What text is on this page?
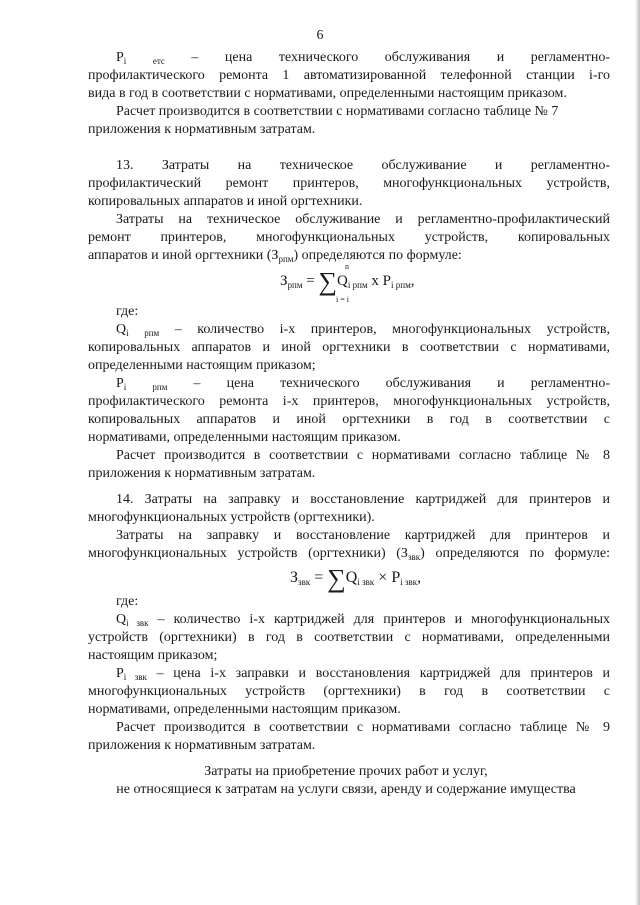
6
$Р_i$	$_{етс}$ – цена технического обслуживания и регламентно-
профилактического ремонта 1 автоматизированной телефонной станции i-го
вида в год в соответствии с нормативами, определенными настоящим приказом.
Расчет производится в соответствии с нормативами согласно таблице № 7
приложения к нормативным затратам.
13. Затраты на техническое обслуживание и регламентно-
профилактический ремонт принтеров, многофункциональных устройств,
копировальных аппаратов и иной оргтехники.
Затраты на техническое обслуживание и регламентно-профилактический
ремонт принтеров, многофункциональных устройств, копировальных
аппаратов и иной оргтехники $(З_{рпм})$ определяются по формуле:
$З_{рпм} = \sum Q_{i рпм}$ x $Р_{i рпм}$,
n
i = i
где:
$Q_i$ $_{рпм}$ – количество i-х принтеров, многофункциональных устройств,
копировальных аппаратов и иной оргтехники в соответствии с нормативами,
определенными настоящим приказом;
$Р_i$	$_{рпм}$ – цена технического обслуживания и регламентно-
профилактического ремонта i-х принтеров, многофункциональных устройств,
копировальных аппаратов и иной оргтехники в год в соответствии с
нормативами, определенными настоящим приказом.
Расчет производится в соответствии с нормативами согласно таблице № 8
приложения к нормативным затратам.
14. Затраты на заправку и восстановление картриджей для принтеров и
многофункциональных устройств (оргтехники).
Затраты на заправку и восстановление картриджей для принтеров и
многофункциональных устройств (оргтехники) $(З_{звк})$ определяются по формуле:
$З_{звк} = \sum Q_{i звк} \times Р_{i звк}$,
где:
$Q_{i звк}$ – количество i-х картриджей для принтеров и многофункциональных
устройств (оргтехники) в год в соответствии с нормативами, определенными
настоящим приказом;
$Р_{i звк}$ – цена i-х заправки и восстановления картриджей для принтеров и
многофункциональных устройств (оргтехники) в год в соответствии с
нормативами, определенными настоящим приказом.
Расчет производится в соответствии с нормативами согласно таблице № 9
приложения к нормативным затратам.
Затраты на приобретение прочих работ и услуг,
не относящиеся к затратам на услуги связи, аренду и содержание имущества
